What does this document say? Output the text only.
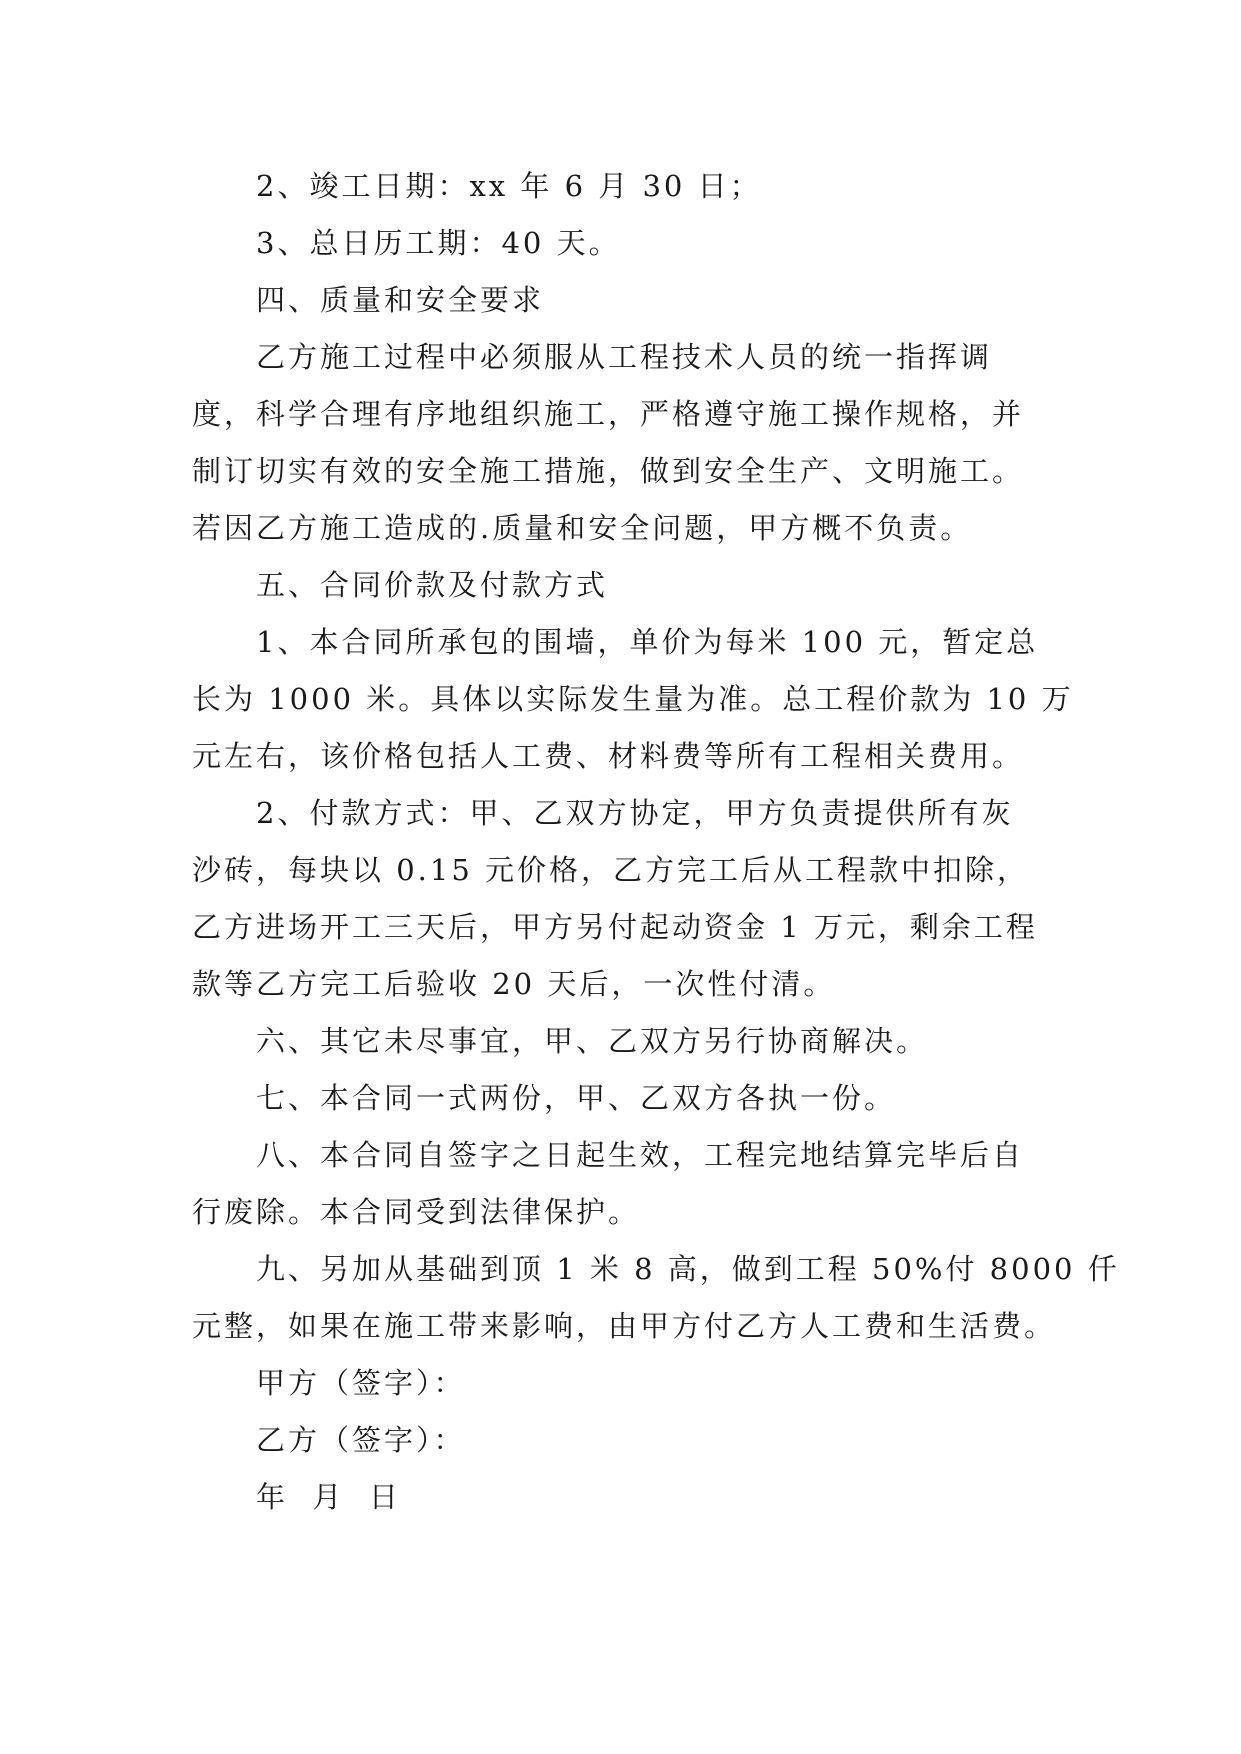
2、竣工日期：xx 年 6 月 30 日；
3、总日历工期：40 天。
四、质量和安全要求
乙方施工过程中必须服从工程技术人员的统一指挥调
度，科学合理有序地组织施工，严格遵守施工操作规格，并
制订切实有效的安全施工措施，做到安全生产、文明施工。
若因乙方施工造成的.质量和安全问题，甲方概不负责。
五、合同价款及付款方式
1、本合同所承包的围墙，单价为每米 100 元，暂定总
长为 1000 米。具体以实际发生量为准。总工程价款为 10 万
元左右，该价格包括人工费、材料费等所有工程相关费用。
2、付款方式：甲、乙双方协定，甲方负责提供所有灰
沙砖，每块以 0.15 元价格，乙方完工后从工程款中扣除，
乙方进场开工三天后，甲方另付起动资金 1 万元，剩余工程
款等乙方完工后验收 20 天后，一次性付清。
六、其它未尽事宜，甲、乙双方另行协商解决。
七、本合同一式两份，甲、乙双方各执一份。
八、本合同自签字之日起生效，工程完地结算完毕后自
行废除。本合同受到法律保护。
九、另加从基础到顶 1 米 8 高，做到工程 50%付 8000 仟
元整，如果在施工带来影响，由甲方付乙方人工费和生活费。
甲方（签字）：
乙方（签字）：
年  月  日
